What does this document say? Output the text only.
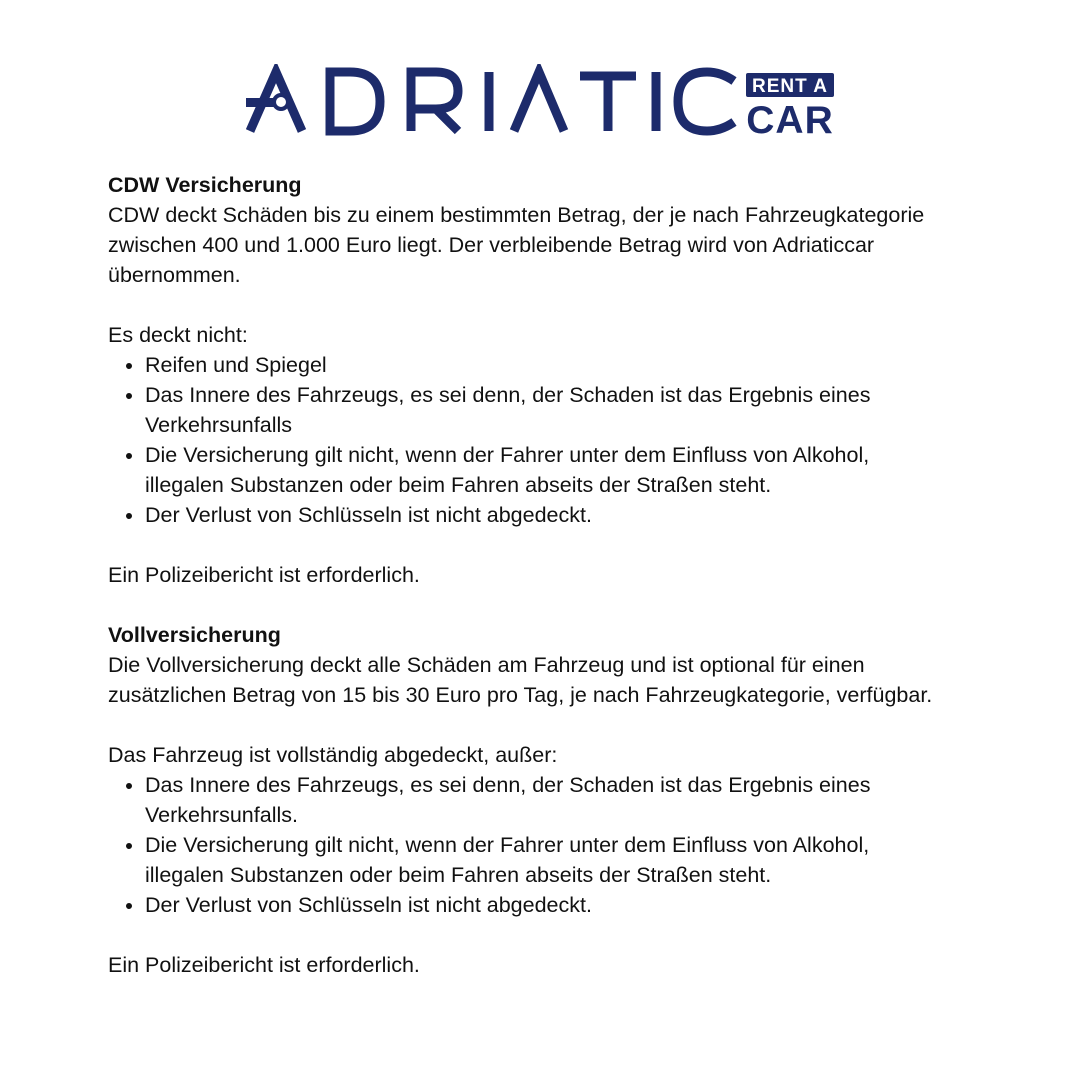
RENT A
CAR
ADRIATIC

CDW Versicherung

CDW deckt Schäden bis zu einem bestimmten Betrag, der je nach Fahrzeugkategorie zwischen 400 und 1.000 Euro liegt. Der verbleibende Betrag wird von Adriaticcar übernommen.

Es deckt nicht:

• Reifen und Spiegel
• Das Innere des Fahrzeugs, es sei denn, der Schaden ist das Ergebnis eines Verkehrsunfalls
• Die Versicherung gilt nicht, wenn der Fahrer unter dem Einfluss von Alkohol, illegalen Substanzen oder beim Fahren abseits der Straßen steht.
• Der Verlust von Schlüsseln ist nicht abgedeckt.

Ein Polizeibericht ist erforderlich.

Vollversicherung

Die Vollversicherung deckt alle Schäden am Fahrzeug und ist optional für einen zusätzlichen Betrag von 15 bis 30 Euro pro Tag, je nach Fahrzeugkategorie, verfügbar.

Das Fahrzeug ist vollständig abgedeckt, außer:

• Das Innere des Fahrzeugs, es sei denn, der Schaden ist das Ergebnis eines Verkehrsunfalls.
• Die Versicherung gilt nicht, wenn der Fahrer unter dem Einfluss von Alkohol, illegalen Substanzen oder beim Fahren abseits der Straßen steht.
• Der Verlust von Schlüsseln ist nicht abgedeckt.

Ein Polizeibericht ist erforderlich.
